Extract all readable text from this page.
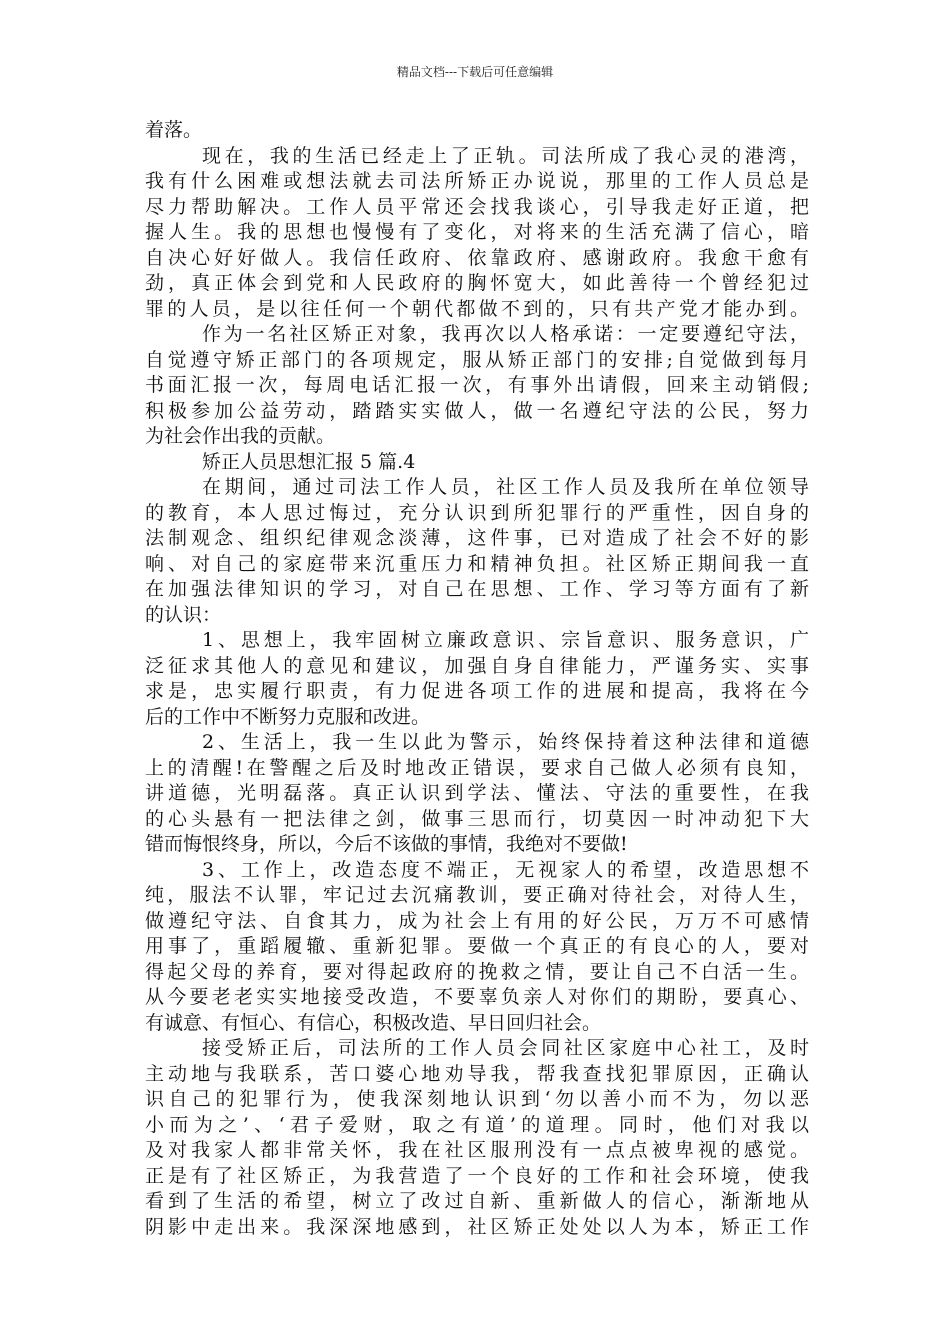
精品文档---下载后可任意编辑
着落。
现在，我的生活已经走上了正轨。司法所成了我心灵的港湾，
我有什么困难或想法就去司法所矫正办说说，那里的工作人员总是
尽力帮助解决。工作人员平常还会找我谈心，引导我走好正道，把
握人生。我的思想也慢慢有了变化，对将来的生活充满了信心，暗
自决心好好做人。我信任政府、依靠政府、感谢政府。我愈干愈有
劲，真正体会到党和人民政府的胸怀宽大，如此善待一个曾经犯过
罪的人员，是以往任何一个朝代都做不到的，只有共产党才能办到。
作为一名社区矫正对象，我再次以人格承诺：一定要遵纪守法，
自觉遵守矫正部门的各项规定，服从矫正部门的安排;自觉做到每月
书面汇报一次，每周电话汇报一次，有事外出请假，回来主动销假;
积极参加公益劳动，踏踏实实做人，做一名遵纪守法的公民，努力
为社会作出我的贡献。
矫正人员思想汇报 5 篇.4
在期间，通过司法工作人员，社区工作人员及我所在单位领导
的教育，本人思过悔过，充分认识到所犯罪行的严重性，因自身的
法制观念、组织纪律观念淡薄，这件事，已对造成了社会不好的影
响、对自己的家庭带来沉重压力和精神负担。社区矫正期间我一直
在加强法律知识的学习，对自己在思想、工作、学习等方面有了新
的认识：
1、思想上，我牢固树立廉政意识、宗旨意识、服务意识，广
泛征求其他人的意见和建议，加强自身自律能力，严谨务实、实事
求是，忠实履行职责，有力促进各项工作的进展和提高，我将在今
后的工作中不断努力克服和改进。
2、生活上，我一生以此为警示，始终保持着这种法律和道德
上的清醒!在警醒之后及时地改正错误，要求自己做人必须有良知，
讲道德，光明磊落。真正认识到学法、懂法、守法的重要性，在我
的心头悬有一把法律之剑，做事三思而行，切莫因一时冲动犯下大
错而悔恨终身，所以，今后不该做的事情，我绝对不要做!
3、工作上，改造态度不端正，无视家人的希望，改造思想不
纯，服法不认罪，牢记过去沉痛教训，要正确对待社会，对待人生，
做遵纪守法、自食其力，成为社会上有用的好公民，万万不可感情
用事了，重蹈履辙、重新犯罪。要做一个真正的有良心的人，要对
得起父母的养育，要对得起政府的挽救之情，要让自己不白活一生。
从今要老老实实地接受改造，不要辜负亲人对你们的期盼，要真心、
有诚意、有恒心、有信心，积极改造、早日回归社会。
接受矫正后，司法所的工作人员会同社区家庭中心社工，及时
主动地与我联系，苦口婆心地劝导我，帮我查找犯罪原因，正确认
识自己的犯罪行为，使我深刻地认识到‘勿以善小而不为，勿以恶
小而为之’、‘君子爱财，取之有道’的道理。同时，他们对我以
及对我家人都非常关怀，我在社区服刑没有一点点被卑视的感觉。
正是有了社区矫正，为我营造了一个良好的工作和社会环境，使我
看到了生活的希望，树立了改过自新、重新做人的信心，渐渐地从
阴影中走出来。我深深地感到，社区矫正处处以人为本，矫正工作
